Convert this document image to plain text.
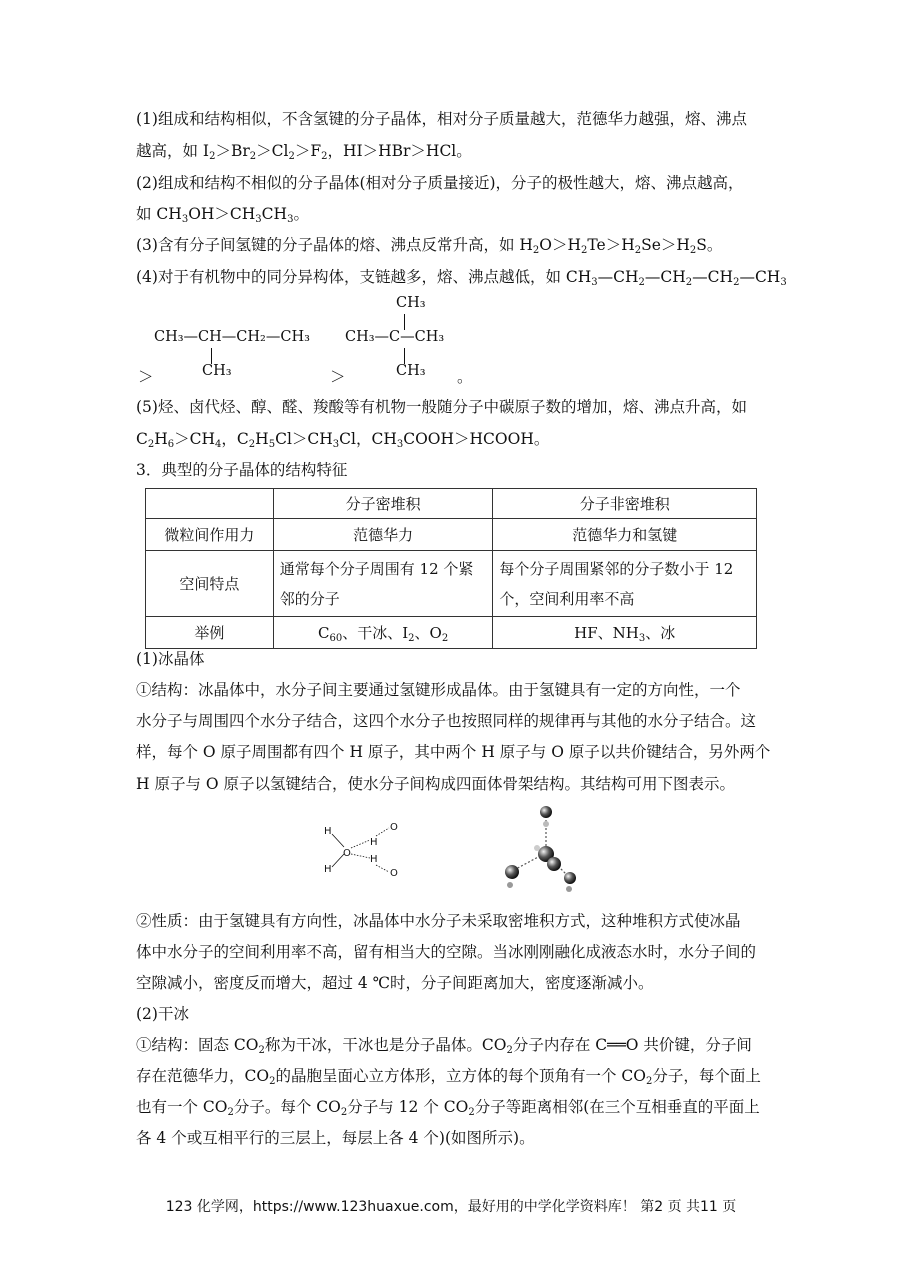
(1)组成和结构相似，不含氢键的分子晶体，相对分子质量越大，范德华力越强，熔、沸点
越高，如 $I_2>Br_2>Cl_2>F_2$，HI＞HBr＞HCl。
(2)组成和结构不相似的分子晶体(相对分子质量接近)，分子的极性越大，熔、沸点越高，
如 $CH_3OH>CH_3CH_3$。
(3)含有分子间氢键的分子晶体的熔、沸点反常升高，如 $H_2O>H_2Te>H_2Se>H_2S$。
(4)对于有机物中的同分异构体，支链越多，熔、沸点越低，如 $CH_3—CH_2—CH_2—CH_2—CH_3$
CH₃—CH—CH₂—CH₃
CH₃
CH₃
CH₃—C—CH₃
CH₃
＞	＞	。
(5)烃、卤代烃、醇、醛、羧酸等有机物一般随分子中碳原子数的增加，熔、沸点升高，如
$C_2H_6>CH_4$，$C_2H_5Cl>CH_3Cl$，$CH_3COOH>HCOOH$。
3．典型的分子晶体的结构特征
	分子密堆积	分子非密堆积
微粒间作用力	范德华力	范德华力和氢键
空间特点	通常每个分子周围有 12 个紧
邻的分子	每个分子周围紧邻的分子数小于 12
个，空间利用率不高
举例	$C_{60}$、干冰、$I_2$、$O_2$	HF、$NH_3$、冰
(1)冰晶体
①结构：冰晶体中，水分子间主要通过氢键形成晶体。由于氢键具有一定的方向性，一个
水分子与周围四个水分子结合，这四个水分子也按照同样的规律再与其他的水分子结合。这
样，每个 O 原子周围都有四个 H 原子，其中两个 H 原子与 O 原子以共价键结合，另外两个
H 原子与 O 原子以氢键结合，使水分子间构成四面体骨架结构。其结构可用下图表示。
H
H
O
H
H
O
O
②性质：由于氢键具有方向性，冰晶体中水分子未采取密堆积方式，这种堆积方式使冰晶
体中水分子的空间利用率不高，留有相当大的空隙。当冰刚刚融化成液态水时，水分子间的
空隙减小，密度反而增大，超过 4 ℃时，分子间距离加大，密度逐渐减小。
(2)干冰
①结构：固态 $CO_2$称为干冰，干冰也是分子晶体。$CO_2$分子内存在 C══O 共价键，分子间
存在范德华力，$CO_2$的晶胞呈面心立方体形，立方体的每个顶角有一个 $CO_2$分子，每个面上
也有一个 $CO_2$分子。每个 $CO_2$分子与 12 个 $CO_2$分子等距离相邻(在三个互相垂直的平面上
各 4 个或互相平行的三层上，每层上各 4 个)(如图所示)。
123 化学网，https://www.123huaxue.com，最好用的中学化学资料库！ 第2 页 共11 页
